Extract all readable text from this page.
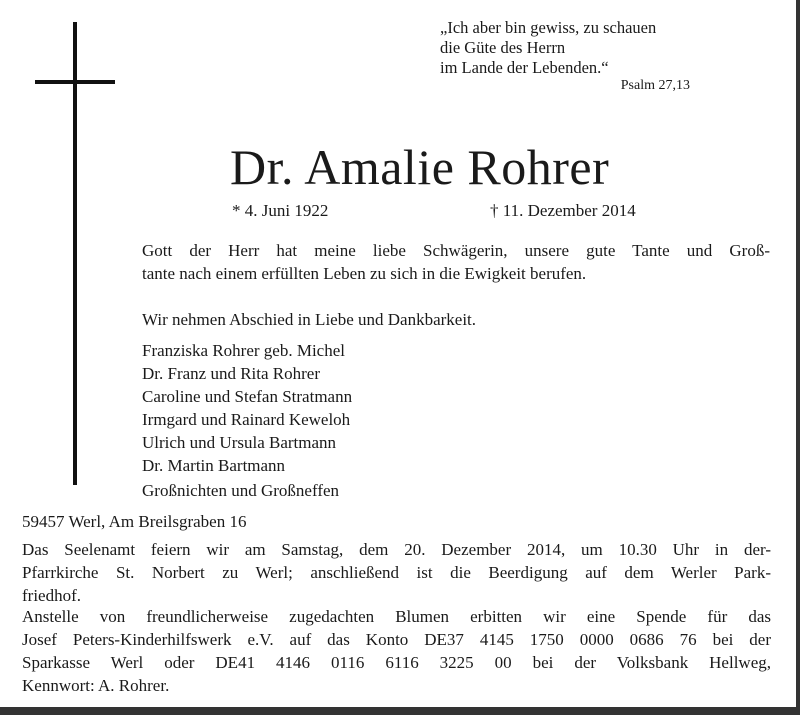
„Ich aber bin gewiss, zu schauen
die Güte des Herrn
im Lande der Lebenden.“
Psalm 27,13
Dr. Amalie Rohrer
* 4. Juni 1922	† 11. Dezember 2014
Gott der Herr hat meine liebe Schwägerin, unsere gute Tante und Groß-
tante nach einem erfüllten Leben zu sich in die Ewigkeit berufen.
Wir nehmen Abschied in Liebe und Dankbarkeit.
Franziska Rohrer geb. Michel
Dr. Franz und Rita Rohrer
Caroline und Stefan Stratmann
Irmgard und Rainard Keweloh
Ulrich und Ursula Bartmann
Dr. Martin Bartmann
Großnichten und Großneffen
59457 Werl, Am Breilsgraben 16
Das Seelenamt feiern wir am Samstag, dem 20. Dezember 2014, um 10.30 Uhr in der-
Pfarrkirche St. Norbert zu Werl; anschließend ist die Beerdigung auf dem Werler Park-
friedhof.
Anstelle von freundlicherweise zugedachten Blumen erbitten wir eine Spende für das
Josef Peters-Kinderhilfswerk e.V. auf das Konto DE37 4145 1750 0000 0686 76 bei der
Sparkasse Werl oder DE41 4146 0116 6116 3225 00 bei der Volksbank Hellweg,
Kennwort: A. Rohrer.
